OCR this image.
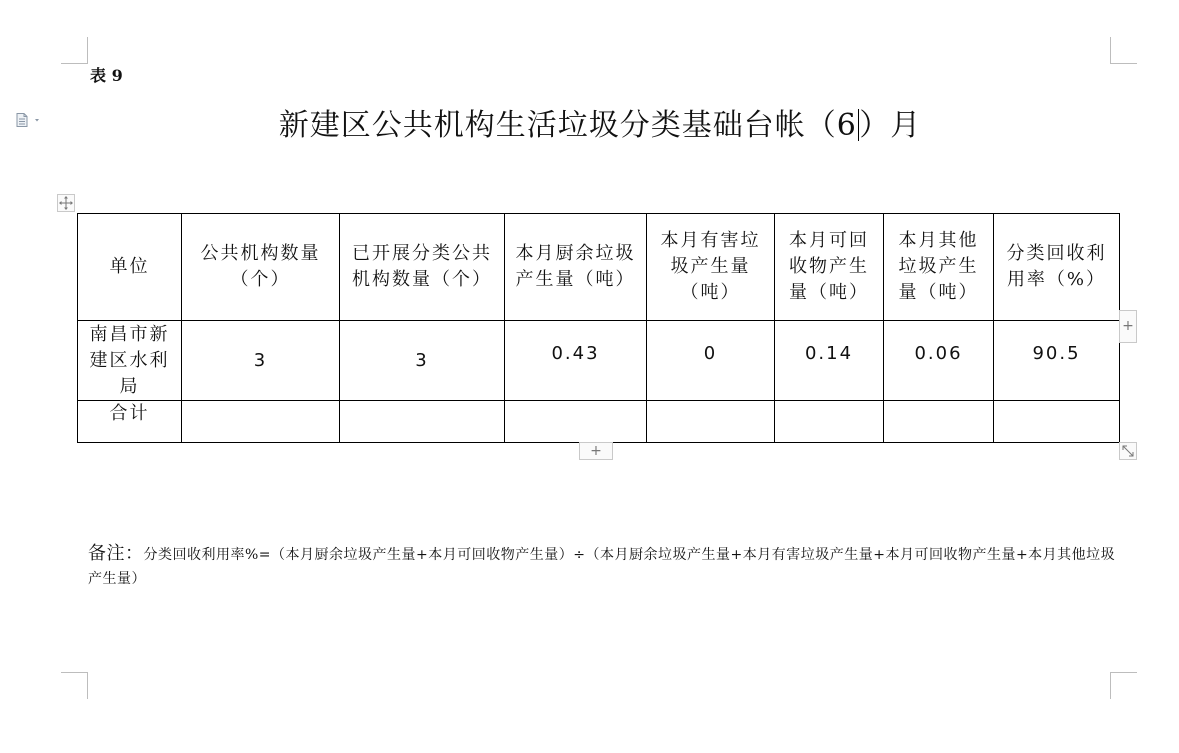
表 9
新建区公共机构生活垃圾分类基础台帐（6）月
单位	公共机构数量（个）	已开展分类公共机构数量（个）	本月厨余垃圾产生量（吨）	本月有害垃圾产生量（吨）	本月可回收物产生量（吨）	本月其他垃圾产生量（吨）	分类回收利用率（%）
南昌市新建区水利局	3	3	0.43	0	0.14	0.06	90.5
合计							
+
+
备注：分类回收利用率%=（本月厨余垃圾产生量+本月可回收物产生量）÷（本月厨余垃圾产生量+本月有害垃圾产生量+本月可回收物产生量+本月其他垃圾产生量）
